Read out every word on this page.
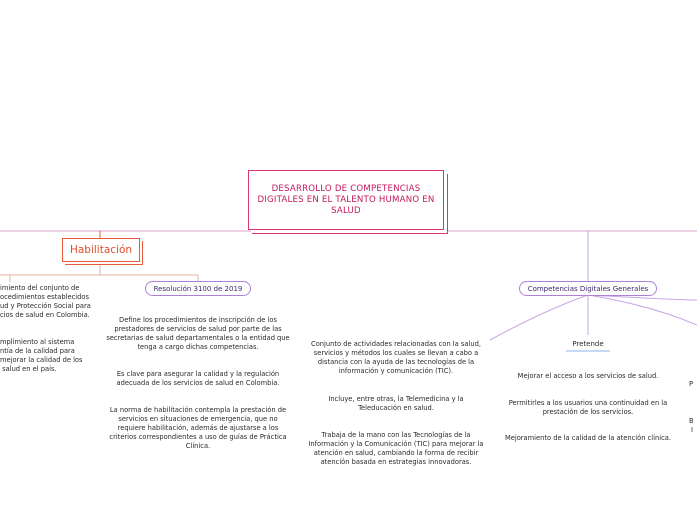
DESARROLLO DE COMPETENCIAS DIGITALES EN EL TALENTO HUMANO EN SALUD
Habilitación
imiento del conjunto de
ocedimientos establecidos
ud y Protección Social para
cios de salud en Colombia.
mplimiento al sistema
ntía de la calidad para
mejorar la calidad de los
salud en el país.
Resolución 3100 de 2019
Define los procedimientos de inscripción de los prestadores de servicios de salud por parte de las secretarias de salud departamentales o la entidad que tenga a cargo dichas competencias.
Es clave para asegurar la calidad y la regulación adecuada de los servicios de salud en Colombia.
La norma de habilitación contempla la prestación de servicios en situaciones de emergencia, que no requiere habilitación, además de ajustarse a los criterios correspondientes a uso de guías de Práctica Clínica.
Conjunto de actividades relacionadas con la salud, servicios y métodos los cuales se llevan a cabo a distancia con la ayuda de las tecnologías de la información y comunicación (TIC).
Incluye, entre otras, la Telemedicina y la Teleducación en salud.
Trabaja de la mano con las Tecnologías de la Información y la Comunicación (TIC) para mejorar la atención en salud, cambiando la forma de recibir atención basada en estrategias innovadoras.
Competencias Digitales Generales
Pretende
Mejorar el acceso a los servicios de salud.
Permitirles a los usuarios una continuidad en la prestación de los servicios.
Mejoramiento de la calidad de la atención clínica.
P
B
I
